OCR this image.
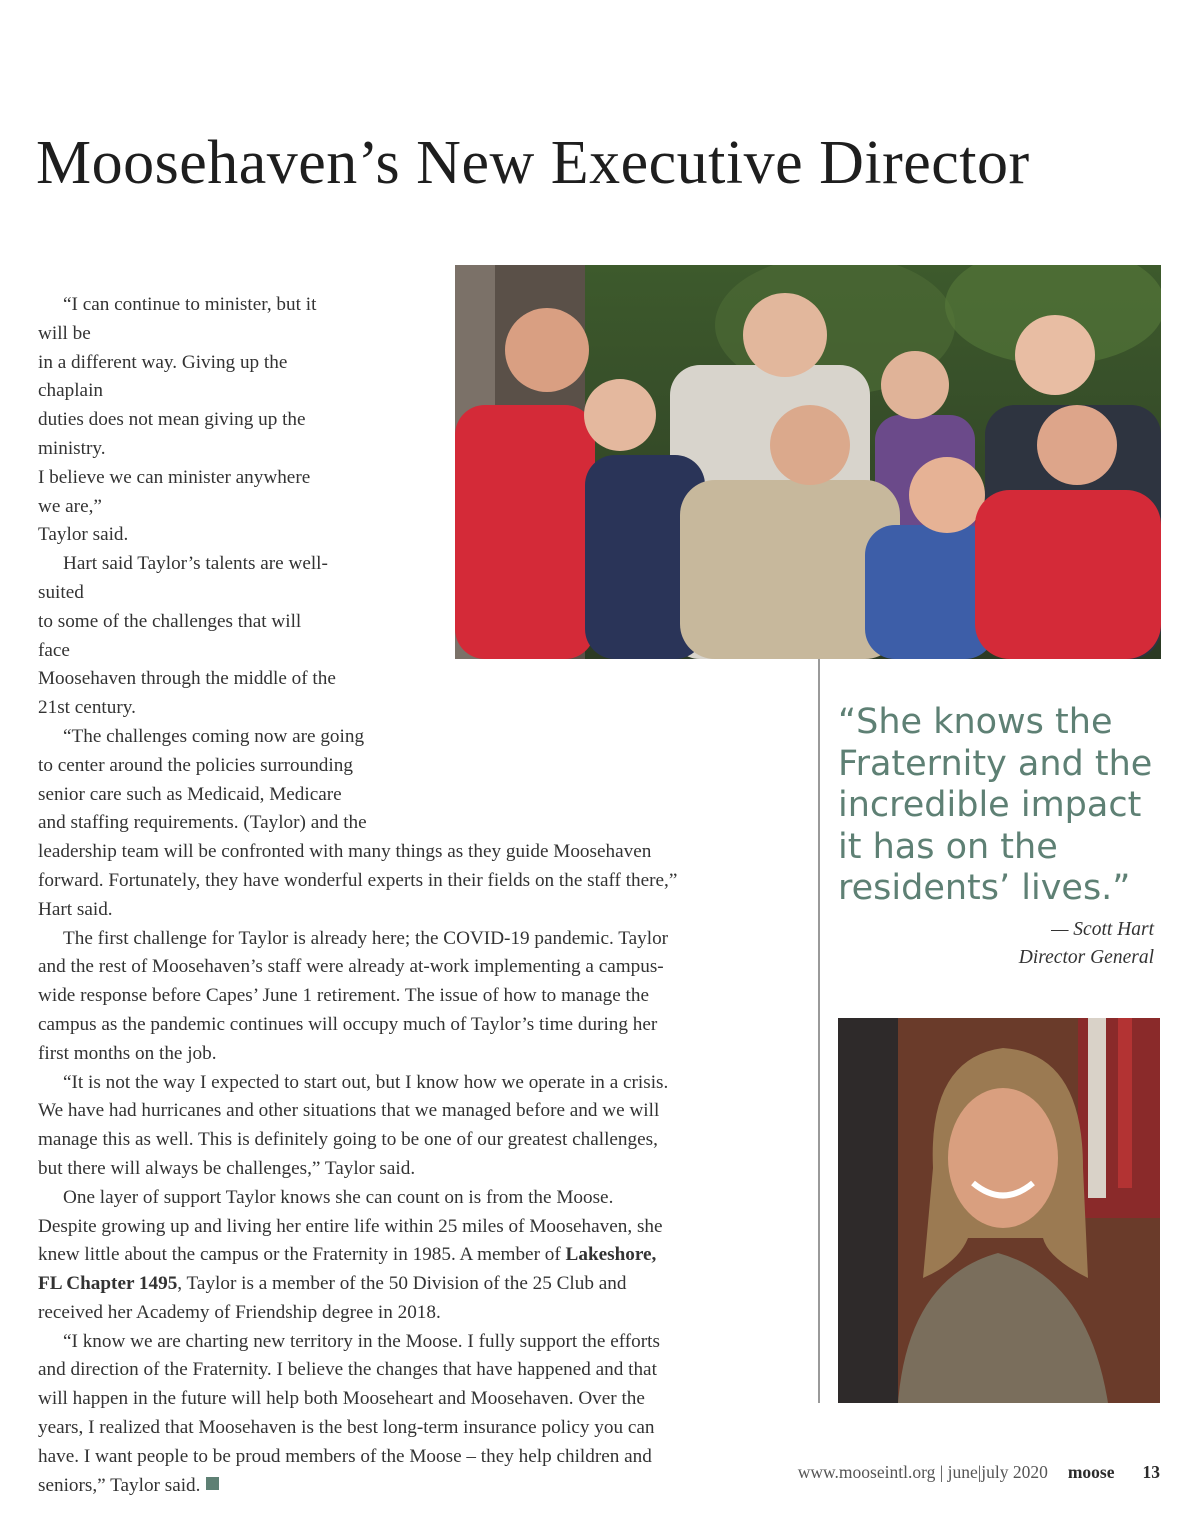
Moosehaven’s New Executive Director

“I can continue to minister, but it will be
in a different way. Giving up the chaplain
duties does not mean giving up the ministry.
I believe we can minister anywhere we are,”
Taylor said.

Hart said Taylor’s talents are well-suited
to some of the challenges that will face
Moosehaven through the middle of the
21st century.

“The challenges coming now are going
to center around the policies surrounding
senior care such as Medicaid, Medicare
and staffing requirements. (Taylor) and the
leadership team will be confronted with many things as they guide Moosehaven
forward. Fortunately, they have wonderful experts in their fields on the staff there,”
Hart said.

The first challenge for Taylor is already here; the COVID-19 pandemic. Taylor
and the rest of Moosehaven’s staff were already at-work implementing a campus-
wide response before Capes’ June 1 retirement. The issue of how to manage the
campus as the pandemic continues will occupy much of Taylor’s time during her
first months on the job.

“It is not the way I expected to start out, but I know how we operate in a crisis.
We have had hurricanes and other situations that we managed before and we will
manage this as well. This is definitely going to be one of our greatest challenges,
but there will always be challenges,” Taylor said.

One layer of support Taylor knows she can count on is from the Moose.
Despite growing up and living her entire life within 25 miles of Moosehaven, she
knew little about the campus or the Fraternity in 1985. A member of Lakeshore,
FL Chapter 1495, Taylor is a member of the 50 Division of the 25 Club and
received her Academy of Friendship degree in 2018.

“I know we are charting new territory in the Moose. I fully support the efforts
and direction of the Fraternity. I believe the changes that have happened and that
will happen in the future will help both Mooseheart and Moosehaven. Over the
years, I realized that Moosehaven is the best long-term insurance policy you can
have. I want people to be proud members of the Moose – they help children and
seniors,” Taylor said.

“She knows the
Fraternity and the
incredible impact
it has on the
residents’ lives.”
— Scott Hart
Director General
www.mooseintl.org | june|july 2020 moose 13
